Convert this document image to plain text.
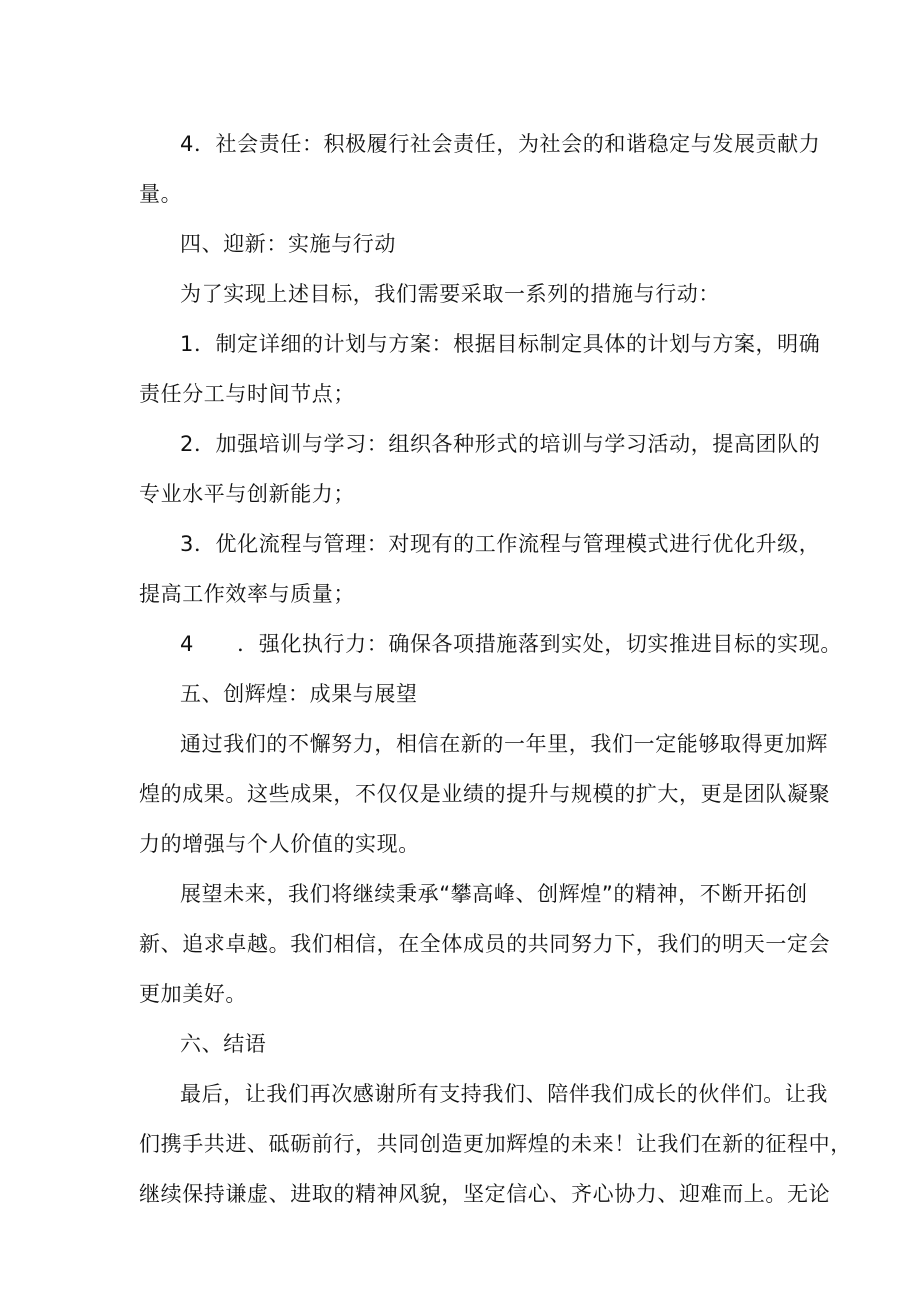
4．社会责任：积极履行社会责任，为社会的和谐稳定与发展贡献力
量。
四、迎新：实施与行动
为了实现上述目标，我们需要采取一系列的措施与行动：
1．制定详细的计划与方案：根据目标制定具体的计划与方案，明确
责任分工与时间节点；
2．加强培训与学习：组织各种形式的培训与学习活动，提高团队的
专业水平与创新能力；
3．优化流程与管理：对现有的工作流程与管理模式进行优化升级，
提高工作效率与质量；
4　　．强化执行力：确保各项措施落到实处，切实推进目标的实现。
五、创辉煌：成果与展望
通过我们的不懈努力，相信在新的一年里，我们一定能够取得更加辉
煌的成果。这些成果，不仅仅是业绩的提升与规模的扩大，更是团队凝聚
力的增强与个人价值的实现。
展望未来，我们将继续秉承“攀高峰、创辉煌”的精神，不断开拓创
新、追求卓越。我们相信，在全体成员的共同努力下，我们的明天一定会
更加美好。
六、结语
最后，让我们再次感谢所有支持我们、陪伴我们成长的伙伴们。让我
们携手共进、砥砺前行，共同创造更加辉煌的未来！让我们在新的征程中，
继续保持谦虚、进取的精神风貌，坚定信心、齐心协力、迎难而上。无论
